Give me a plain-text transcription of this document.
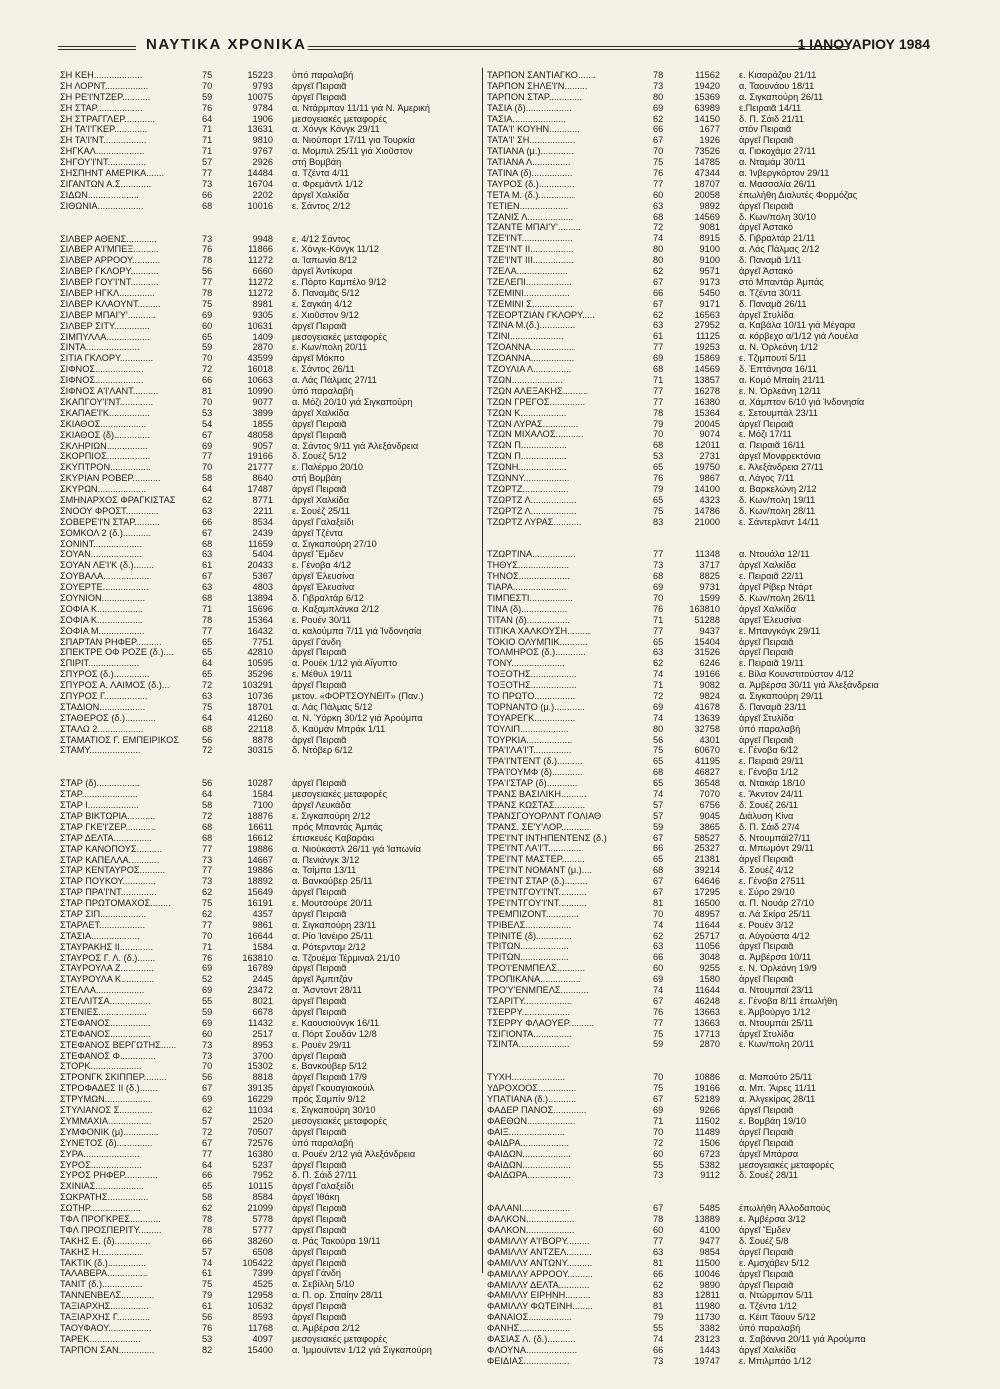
ΝΑΥΤΙΚΑ ΧΡΟΝΙΚΑ	1 ΙΑΝΟΥΑΡΙΟΥ 1984
ΣΗ ΚΕΗ...................	75	15223 ὑπό παραλαβή
ΣΗ ΛΟΡΝΤ.................	70	9793 ἀργεῖ Πειραιᾶ
ΣΗ ΡΕ'Ι'ΝΤΖΕΡ...........	59	10075 ἀργεῖ Πειραιᾶ
ΣΗ ΣΤΑΡ..................	76	9784 α. Ντάρμπαν 11/11 γιά Ν. Ἀμερική
ΣΗ ΣΤΡΑΓΓΛΕΡ............	64	1906 μεσογειακές μεταφορές
ΣΗ ΤΑ'Ι'ΓΚΕΡ.............	71	13631 α. Χόνγκ Κόνγκ 29/11
ΣΗ ΤΑ'Ι'ΝΤ.................	71	9810 α. Νιούπορτ 17/11 για Τουρκία
ΣΗΓΚΑΛ...................	71	9767 α. Μομπιλ 25/11 γιά Χιοῦστον
ΣΗΓΟΥ'Ι'ΝΤ...............	57	2926 στή Βομβάη
ΣΗΣΠΗΝΤ ΑΜΕΡΙΚΑ.......	77	14484 α. Τζέντα 4/11
ΣΙΓΑΝΤΩΝ Α.Σ............	73	16704 α. Φρεμάντλ 1/12
ΣΙΔΩΝ....................	66	2202 ἀργεῖ Χαλκίδα
ΣΙΘΩΝΙΑ..................	68	10016 ε. Σάντος 2/12
ΣΙΛΒΕΡ ΑΘΕΝΣ............	73	9948 ε. 4/12 Σάντος
ΣΙΛΒΕΡ Α'Ι'ΜΠΕΞ..........	76	11866 ε. Χόνγκ-Κόνγκ 11/12
ΣΙΛΒΕΡ ΑΡΡΟΟΥ...........	78	11272 α. Ἰαπωνία 8/12
ΣΙΛΒΕΡ ΓΚΛΟΡΥ...........	56	6660 ἀργεῖ Ἀντίκυρα
ΣΙΛΒΕΡ ΓΟΥ'Ι'ΝΤ...........	77	11272 ε. Πόρτο Καμπέλο 9/12
ΣΙΛΒΕΡ ΗΓΚΛ..............	78	11272 δ. Παναμᾶς 5/12
ΣΙΛΒΕΡ ΚΛΑΟΥΝΤ.........	75	8981 ε. Σαγκάη 4/12
ΣΙΛΒΕΡ ΜΠΑΙ'Υ'...........	69	9305 ε. Χιοῦστον 9/12
ΣΙΛΒΕΡ ΣΙΤΥ..............	60	10631 ἀργεῖ Πειραιᾶ
ΣΙΜΠΥΛΛΑ.................	65	1409 μεσογειακές μεταφορές
ΣΙΝΤΑ.....................	59	2870 ε. Κων/πολη 20/11
ΣΙΤΙΑ ΓΚΛΟΡΥ.............	70	43599 ἀργεῖ Μόκπο
ΣΙΦΝΟΣ...................	72	16018 ε. Σάντος 26/11
ΣΙΦΝΟΣ...................	66	10663 α. Λάς Πάλμας 27/11
ΣΙΦΝΟΣ Α'Ι'ΛΑΝΤ..........	81	10990 ὑπό παραλαβή
ΣΚΑΠΓΟΥ'Ι'ΝΤ.............	70	9077 α. Μόζι 20/10 γιά Σιγκαπούρη
ΣΚΑΠΑΕ'Ι'Κ................	53	3899 ἀργεῖ Χαλκίδα
ΣΚΙΑΘΟΣ..................	54	1855 ἀργεῖ Πειραιᾶ
ΣΚΙΑΘΟΣ (δ)..............	67	48058 ἀργεῖ Πειραιᾶ
ΣΚΛΗΡΙΩΝ................	69	9057 α. Σάντος 9/11 γιά Ἀλεξάνδρεια
ΣΚΟΡΠΙΟΣ.................	77	19166 δ. Σουέζ 5/12
ΣΚΥΠΤΡΟΝ................	70	21777 ε. Παλέρμο 20/10
ΣΚΥΡΙΑΝ ΡΟΒΕΡ...........	58	8640 στή Βομβάη
ΣΚΥΡΩΝ...................	64	17487 ἀργεῖ Πειραιᾶ
ΣΜΗΝΑΡΧΟΣ ΦΡΑΓΚΙΣΤΑΣ	62	8771 ἀργεῖ Χαλκίδα
ΣΝΟΟΥ ΦΡΟΣΤ.............	63	2211 ε. Σουέζ 25/11
ΣΟΒΕΡΕ'Ι'Ν ΣΤΑΡ..........	66	8534 ἀργεῖ Γαλαξείδι
ΣΟΜΚΟΛ 2 (δ.)...........	67	2439 ἀργεῖ Τζέντα
ΣΟΝΙΝΤ...................	68	11659 α. Σιγκαπούρη 27/10
ΣΟΥΑΝ....................	63	5404 ἀργεῖ Ἔμδεν
ΣΟΥΑΝ ΛΕ'Ι'Κ (δ.)........	61	20433 ε. Γένοβα 4/12
ΣΟΥΒΑΛΑ..................	67	5367 ἀργεῖ Ἐλευσίνα
ΣΟΥΕΡΤΕ..................	63	4803 ἀργεῖ Ἐλευσίνα
ΣΟΥΝΙΟΝ.................	68	13894 δ. Γιβραλτάρ 6/12
ΣΟΦΙΑ Κ..................	71	15696 α. Καξαμπλάνκα 2/12
ΣΟΦΙΑ Κ..................	78	15364 ε. Ρουέν 30/11
ΣΟΦΙΑ Μ..................	77	16432 α. καλούμπα 7/11 γιά Ἰνδονησία
ΣΠΑΡΤΑΝ ΡΗΦΕΡ..........	65	7751 ἀργεῖ Γάνδη
ΣΠΕΚΤΡΕ ΟΦ ΡΟΖΕ (δ.)....	65	42810 ἀργεῖ Πειραιᾶ
ΣΠΙΡΙΤ....................	64	10595 α. Ρουέκ 1/12 γιά Αἴγυπτο
ΣΠΥΡΟΣ (δ.)..............	65	35296 ε. Μέθυλ 19/11
ΣΠΥΡΟΣ Α. ΛΑΙΜΟΣ (δ.)...	72	103291 ἀργεῖ Πειραιᾶ
ΣΠΥΡΟΣ Γ.................	63	10736 μετον. «ΦΟΡΤΣΟΥΝΕΙΤ» (Παν.)
ΣΤΑΔΙΟΝ..................	75	18701 α. Λάς Πάλμας 5/12
ΣΤΑΘΕΡΟΣ (δ.)............	64	41260 α. Ν. Ὑόρκη 30/12 γιά Ἀρούμπα
ΣΤΑΛΩ 2..................	68	22118 δ. Καϋμάν Μπράκ 1/11
ΣΤΑΜΑΤΙΟΣ Γ. ΕΜΠΕΙΡΙΚΟΣ	56	8878 ἀργεῖ Πειραιᾶ
ΣΤΑΜΥ....................	72	30315 δ. Ντόβερ 6/12
ΣΤΑΡ (δ).................	56	10287 ἀργεῖ Πειραιᾶ
ΣΤΑΡ......................	64	1584 μεσογειακές μεταφορές
ΣΤΑΡ Ι....................	58	7100 ἀργεῖ Λευκάδα
ΣΤΑΡ ΒΙΚΤΩΡΙΑ...........	72	18876 ε. Σιγκαπούρη 2/12
ΣΤΑΡ ΓΚΕ'Ι'ΖΕΡ............	68	16611 πρός Μπαντάς Ἀμπάς
ΣΤΑΡ ΔΕΛΤΑ...............	68	16612 ἐπισκευές Καβαράκι
ΣΤΑΡ ΚΑΝΟΠΟΥΣ..........	77	19886 α. Νιούκαστλ 26/11 γιά Ἰαπωνία
ΣΤΑΡ ΚΑΠΕΛΛΑ............	73	14667 α. Πενιάνγκ 3/12
ΣΤΑΡ ΚΕΝΤΑΥΡΟΣ..........	77	19886 α. Τσίμπα 13/11
ΣΤΑΡ ΠΟΥΚΟΥ.............	73	18892 α. Βανκούβερ 25/11
ΣΤΑΡ ΠΡΑ'Ι'ΝΤ..............	62	15649 ἀργεῖ Πειραιᾶ
ΣΤΑΡ ΠΡΩΤΟΜΑΧΟΣ........	75	16191 ε. Μουτσούρε 20/11
ΣΤΑΡ ΣΙΠ..................	62	4357 ἀργεῖ Πειραιᾶ
ΣΤΑΡΛΕΤ..................	77	9861 α. Σιγκαπούρη 23/11
ΣΤΑΣΙΑ...................	70	16644 α. Ρίο Ἰανέιρο 25/11
ΣΤΑΥΡΑΚΗΣ ΙΙ.............	71	1584 α. Ρότερνταμ 2/12
ΣΤΑΥΡΟΣ Γ. Λ. (δ.).......	76	163810 α. Τζουέμα Τέρμιναλ 21/10
ΣΤΑΥΡΟΥΛΑ Ζ.............	69	16789 ἀργεῖ Πειραιᾶ
ΣΤΑΥΡΟΥΛΑ Κ.............	52	2445 ἀργεῖ Ἀμπιτζάν
ΣΤΕΛΛΑ...................	69	23472 α. Ἄσντοντ 28/11
ΣΤΕΛΛΙΤΣΑ................	55	8021 ἀργεῖ Πειραιᾶ
ΣΤΕΝΙΕΣ...................	59	6678 ἀργεῖ Πειραιᾶ
ΣΤΕΦΑΝΟΣ................	69	11432 ε. Καουσιούνγκ 16/11
ΣΤΕΦΑΝΟΣ................	60	2517 α. Πόρτ Σουδάν 12/8
ΣΤΕΦΑΝΟΣ ΒΕΡΓΩΤΗΣ......	73	8953 ε. Ρουέν 29/11
ΣΤΕΦΑΝΟΣ Φ..............	73	3700 ἀργεῖ Πειραιᾶ
ΣΤΟΡΚ....................	70	15302 ε. Βανκούβερ 5/12
ΣΤΡΟΝΓΚ ΣΚΙΠΠΕΡ.........	56	8818 ἀργεῖ Πειραιᾶ 17/9
ΣΤΡΟΦΑΔΕΣ ΙΙ (δ.).......	67	39135 ἀργεῖ Γκουαγιακούιλ
ΣΤΡΥΜΩΝ..................	69	16229 πρός Σαμπίν 9/12
ΣΤΥΛΙΑΝΟΣ Σ.............	62	11034 ε. Σιγκαπούρη 30/10
ΣΥΜΜΑΧΙΑ.................	57	2520 μεσογειακές μεταφορές
ΣΥΜΦΟΝΙΚ (μ)..............	72	70507 ἀργεῖ Πειραιᾶ
ΣΥΝΕΤΟΣ (δ)..............	67	72576 ὑπό παραλαβή
ΣΥΡΑ......................	77	16380 α. Ρουέν 2/12 γιά Ἀλεξάνδρεια
ΣΥΡΟΣ....................	64	5237 ἀργεῖ Πειραιᾶ
ΣΥΡΟΣ ΡΗΦΕΡ.............	66	7952 δ. Π. Σάιδ 27/11
ΣΧΙΝΙΑΣ...................	65	10115 ἀργεῖ Γαλαξείδι
ΣΩΚΡΑΤΗΣ................	58	8584 ἀργεῖ Ἰθάκη
ΣΩΤΗΡ....................	62	21099 ἀργεῖ Πειραιᾶ
ΤΦΛ ΠΡΟΓΚΡΕΣ............	78	5778 ἀργεῖ Πειραιᾶ
ΤΦΛ ΠΡΟΣΠΕΡΙΤΥ.........	78	5777 ἀργεῖ Πειραιᾶ
ΤΑΚΗΣ Ε. (δ)..............	66	38260 α. Ράς Τακούρα 19/11
ΤΑΚΗΣ Η.................	57	6508 ἀργεῖ Πειραιᾶ
ΤΑΚΤΙΚ (δ.)...............	74	105422 ἀργεῖ Πειραιᾶ
ΤΑΛΑΒΕΡΑ................	61	7399 ἀργεῖ Γάνδη
ΤΑΝΙΤ (δ.)................	75	4525 α. Σεβίλλη 5/10
ΤΑΝΝΕΝΒΕΛΣ.............	79	12958 α. Π. ορ. Σπαίην 28/11
ΤΑΞΙΑΡΧΗΣ...............	61	10532 ἀργεῖ Πειραιᾶ
ΤΑΞΙΑΡΧΗΣ Γ.............	56	8593 ἀργεῖ Πειραιᾶ
ΤΑΟΥΦΑΟΥ.................	76	11768 α. Ἀμβέρσα 2/12
ΤΑΡΕΚ....................	53	4097 μεσογειακές μεταφορές
ΤΑΡΠΟΝ ΣΑΝ..............	82	15400 α. Ἰμμουϊντεν 1/12 γιά Σιγκαπούρη
ΤΑΡΠΟΝ ΣΑΝΤΙΑΓΚΟ.......	78	11562 ε. Κισαράζου 21/11
ΤΑΡΠΟΝ ΣΗΛΕ'Ι'Ν.........	73	19420 α. Ταουνάου 18/11
ΤΑΡΠΟΝ ΣΤΑΡ.............	80	15369 α. Σιγκαπούρη 26/11
ΤΑΣΙΑ (δ)..................	69	63989 ε.Πειραιᾶ 14/11
ΤΑΣΙΑ.....................	62	14150 δ. Π. Σάιδ 21/11
ΤΑΤΑ'Ι' ΚΟΥΗΝ............	66	1677 στόν Πειραιᾶ
ΤΑΤΑ'Ι' ΣΗ..................	67	1926 ἀργεῖ Πειραιᾶ
ΤΑΤΙΑΝΑ (μ.).............	70	73526 α. Γιοκοχάμα 27/11
ΤΑΤΙΑΝΑ Λ...............	75	14785 α. Νταμάμ 30/11
ΤΑΤΙΝΑ (δ)................	76	47344 α. Ἰνβεργκόρτον 29/11
ΤΑΥΡΟΣ (δ.)..............	77	18707 α. Μασσαλία 26/11
ΤΕΤΑ Μ. (δ.)..............	60	20058 ἐπωλήθη Διαλυτές Φορμόζας
ΤΕΤΙΕΝ...................	63	9892 ἀργεῖ Πειραιᾶ
ΤΖΑΝΙΣ Λ..................	68	14569 δ. Κων/πολη 30/10
ΤΖΑΝΤΕ ΜΠΑΙ'Υ'.........	72	9081 ἀργεῖ Ἀστακό
ΤΖΕ'Ι'ΝΤ....................	74	8915 δ. Γιβραλτάρ 21/11
ΤΖΕ'Ι'ΝΤ ΙΙ.................	80	9100 α. Λάς Πάλμας 2/12
ΤΖΕ'Ι'ΝΤ ΙΙΙ................	80	9100 δ. Παναμᾶ 1/11
ΤΖΕΛΑ....................	62	9571 ἀργεῖ Ἀστακό
ΤΖΕΛΕΠΙ..................	67	9173 στό Μπαντάρ Ἀμπάς
ΤΖΕΜΙΝΙ..................	66	5450 α. Τζέντα 30/11
ΤΖΕΜΙΝΙ Σ................	67	9171 δ. Παναμᾶ 26/11
ΤΖΕΟΡΤΖΙΑΝ ΓΚΛΟΡΥ.....	62	16563 ἀργεῖ Στυλίδα
ΤΖΙΝΑ Μ.(δ.)..............	63	27952 α. Καβάλα 10/11 γιά Μέγαρα
ΤΖΙΝΙ.....................	61	11125 α. κόρβεχο α/1/12 γιά Λουέλα
ΤΖΟΑΝΝΑ.................	77	19253 α. Ν. Ὀρλεάνη 1/12
ΤΖΟΑΝΝΑ.................	69	15869 ε. Τζιμπουτί 5/11
ΤΖΟΥΛΙΑ Λ...............	68	14569 δ. Ἐπτάνησα 16/11
ΤΖΩΝ....................	71	13857 α. Κομό Μπαίη 21/11
ΤΖΩΝ ΑΛΕΞΑΚΗΣ..........	77	16278 ε. Ν. Ὀρλεάνη 12/11
ΤΖΩΝ ΓΡΕΓΟΣ..............	77	16380 α. Χάμπτον 6/10 γιά Ἰνδονησία
ΤΖΩΝ Κ..................	78	15364 ε. Σετουμπάλ 23/11
ΤΖΩΝ ΛΥΡΑΣ..............	79	20045 ἀργεῖ Πειραιᾶ
ΤΖΩΝ ΜΙΧΑΛΟΣ...........	70	9074 ε. Μόζι 17/11
ΤΖΩΝ Π..................	68	12011 α. Πειραιᾶ 16/11
ΤΖΩΝ Π..................	53	2731 ἀργεῖ Μονφρεκτόνια
ΤΖΩΝΗ...................	65	19750 ε. Ἀλεξάνδρεια 27/11
ΤΖΩΝΝΥ..................	76	9867 α. Λάγος 7/11
ΤΖΩΡΤΖ..................	79	14100 α. Βαρκελώνη 2/12
ΤΖΩΡΤΖ Λ..................	65	4323 δ. Κων/πολη 19/11
ΤΖΩΡΤΖ Λ..................	75	14786 δ. Κων/πολη 28/11
ΤΖΩΡΤΖ ΛΥΡΑΣ...........	83	21000 ε. Σάντερλαντ 14/11
ΤΖΩΡΤΙΝΑ.................	77	11348 α. Ντουάλα 12/11
ΤΗΘΥΣ....................	73	3717 ἀργεῖ Χαλκίδα
ΤΗΝΟΣ....................	68	8825 ε. Πειραιᾶ 22/11
ΤΙΑΡΑ.....................	69	9731 ἀργεῖ Ρίβερ Ντάρτ
ΤΙΜΠΕΣΤΙ.................	70	1599 δ. Κων/πολη 26/11
ΤΙΝΑ (δ)..................	76	163810 ἀργεῖ Χαλκίδα
ΤΙΤΑΝ (δ).................	71	51288 ἀργεῖ Ἐλευσίνα
ΤΙΤΙΚΑ ΧΑΛΚΟΥΣΗ.........	77	9437 ε. Μπανγκόγκ 29/11
ΤΟΚΙΟ ΟΛΥΜΠΙΚ...........	65	15404 ἀργεῖ Πειραιᾶ
ΤΟΛΜΗΡΟΣ (δ.)............	63	31526 ἀργεῖ Πειραιᾶ
ΤΟΝΥ.....................	62	6246 ε. Πειραιᾶ 19/11
ΤΟΞΟΤΗΣ..................	74	19166 ε. Βίλα Κουνστιτούστον 4/12
ΤΟΞΟΤΗΣ..................	71	9082 α. Ἀμβέρσα 30/11 γιά Ἀλεξάνδρεια
ΤΟ ΠΡΩΤΟ................	72	9824 α. Σιγκαπούρη 29/11
ΤΟΡΝΑΝΤΟ (μ.)............	69	41678 δ. Παναμᾶ 23/11
ΤΟΥΑΡΕΓΚ................	74	13639 ἀργεῖ Στυλίδα
ΤΟΥΛΙΠ...................	80	32758 ὑπό παραλαβή
ΤΟΥΡΚΙΑ..................	56	4301 ἀργεῖ Πειραιᾶ
ΤΡΑ'Ι'ΛΑ'Ι'Τ...............	75	60670 ε. Γένοβα 6/12
ΤΡΑ'Ι'ΝΤΕΝΤ (δ.)..........	65	41195 ε. Πειραιᾶ 29/11
ΤΡΑ'Ι'ΟΥΜΦ (δ)............	68	46827 ε. Γένοβα 1/12
ΤΡΑ'Ι'ΣΤΑΡ (δ)............	65	36548 α. Νταкάρ 18/10
ΤΡΑΝΣ ΒΑΣΙΛΙΚΗ..........	74	7070 ε. Ἄκντον 24/11
ΤΡΑΝΣ ΚΩΣΤΑΣ............	57	6756 δ. Σουέζ 26/11
ΤΡΑΝΣΓΟΥΟΡΛΝΤ ΓΟΛΙΑΘ	57	9045 Διάλυση Κίνα
ΤΡΑΝΣ. ΣΕ'Υ'ΛΟΡ...........	59	3865 δ. Π. Σάιδ 27/4
ΤΡΕ'Ι'ΝΤ ΙΝΤΗΠΕΝΤΕΝΣ (δ.)	67	58527 δ. Ντουμπάϊ27/11
ΤΡΕ'Ι'ΝΤ ΛΑ'Ι'Τ.............	66	25327 α. Μπωμόντ 29/11
ΤΡΕ'Ι'ΝΤ ΜΑΣΤΕΡ.........	65	21381 ἀργεῖ Πειραιᾶ
ΤΡΕ'Ι'ΝΤ ΝΟΜΑΝΤ (μ.)....	68	39214 δ. Σουέζ 4/12
ΤΡΕ'Ι'ΝΤ ΣΤΑΡ (δ.).........	67	64646 ε. Γένοβα 27511
ΤΡΕ'Ι'ΝΤΓΟΥ'Ι'ΝΤ...........	67	17295 ε. Σύρο 29/10
ΤΡΕ'Ι'ΝΤΓΟΥ'Ι'ΝΤ...........	81	16500 α. Π. Νουάρ 27/10
ΤΡΕΜΠΙΖΟΝΤ.............	70	48957 α. Λά Σκίρα 25/11
ΤΡΙΒΕΛΣ..................	74	11644 ε. Ρουέν 3/12
ΤΡΙΝΙΤΕ (δ)..............	62	25717 α. Αὐγούστα 4/12
ΤΡΙΤΩΝ...................	63	11056 ἀργεῖ Πειραιᾶ
ΤΡΙΤΩΝ...................	66	3048 α. Ἀμβέρσα 10/11
ΤΡΟ'Ι'ΕΝΜΠΕΛΣ...........	60	9255 ε. Ν. Ὀρλεάνη 19/9
ΤΡΟΠΙΚΑΝΑ................	69	1580 ἀργεῖ Πειραιᾶ
ΤΡΟ'Υ'ΕΝΜΠΕΛΣ...........	74	11644 α. Ντουμπαϊ 23/11
ΤΣΑΡΙΤΥ...................	67	46248 ε. Γένοβα 8/11 ἐπωλήθη
ΤΣΕΡΡΥ...................	76	13663 ε. Ἀμβούργο 1/12
ΤΣΕΡΡΥ ΦΛΑΟΥΕΡ..........	77	13663 α. Ντουμπάι 25/11
ΤΣΙΓΙΟΝΤΑ...............	75	17713 ἀργεῖ Στυλίδα
ΤΣΙΝΤΑ....................	59	2870 ε. Κων/πολη 20/11
ΤΥΧΗ.....................	70	10886 α. Μαπούτο 25/11
ΥΔΡΟΧΟΟΣ...............	75	19166 α. Μπ. Ἄιρες 11/11
ΥΠΑΤΙΑΝΑ (δ.)...........	67	52189 α. Ἀλγεκίρας 28/11
ΦΑΔΕΡ ΠΑΝΟΣ.............	69	9266 ἀργεῖ Πειραιᾶ
ΦΑΕΘΩΝ...................	71	11502 ε. Βομβάη 19/10
ΦΑΙΞ......................	70	11489 ἀργεῖ Πειραιᾶ
ΦΑΙΔΡΑ...................	72	1506 ἀργεῖ Πειραιᾶ
ΦΑΙΔΩΝ...................	60	6723 ἀργεῖ Μπάρσα
ΦΑΙΔΩΝ...................	55	5382 μεσογειακές μεταφορές
ΦΑΙΔΩΡΑ.................	73	9112 δ. Σουέζ 28/11
ΦΑΛΑΝΙ...................	67	5485 ἐπωλήθη Ἀλλοδαπούς
ΦΑΛΚΟΝ...................	78	13889 ε. Ἀμβέρσα 3/12
ΦΑΛΚΟΝ...................	60	4100 ἀργεῖ Ἔμδεν
ΦΑΜΙΛΛΥ Α'Ι'ΒΟΡΥ.........	77	9477 δ. Σουέζ 5/8
ΦΑΜΙΛΛΥ ΑΝΤΖΕΛ..........	63	9854 ἀργεῖ Πειραιᾶ
ΦΑΜΙΛΛΥ ΑΝΤΩΝΥ..........	81	11500 ε. Αμσχάβεν 5/12
ΦΑΜΙΛΛΥ ΑΡΡΟΟΥ..........	66	10046 ἀργεῖ Πειραιᾶ
ΦΑΜΙΛΛΥ ΔΕΛΤΑ............	62	9890 ἀργεῖ Πειραιᾶ
ΦΑΜΙΛΛΥ ΕΙΡΗΝΗ..........	83	12811 α. Ντώρμπαν 5/11
ΦΑΜΙΛΛΥ ΦΩΤΕΙΝΗ........	81	11980 α. Τζέντα 1/12
ΦΑΝΑΙΟΣ.................	79	11730 α. Κέιπ Τάουν 5/12
ΦΑΝΗΣ....................	55	3382 ὑπό παραλαβή
ΦΑΣΙΑΣ Λ. (δ.)...........	74	23123 α. Σαβάννα 20/11 γιά Ἀρούμπα
ΦΛΟΥΝΑ....................	66	1443 ἀργεῖ Χαλκίδα
ΦΕΙΔΙΑΣ..................	73	19747 ε. Μπιλμπάο 1/12
